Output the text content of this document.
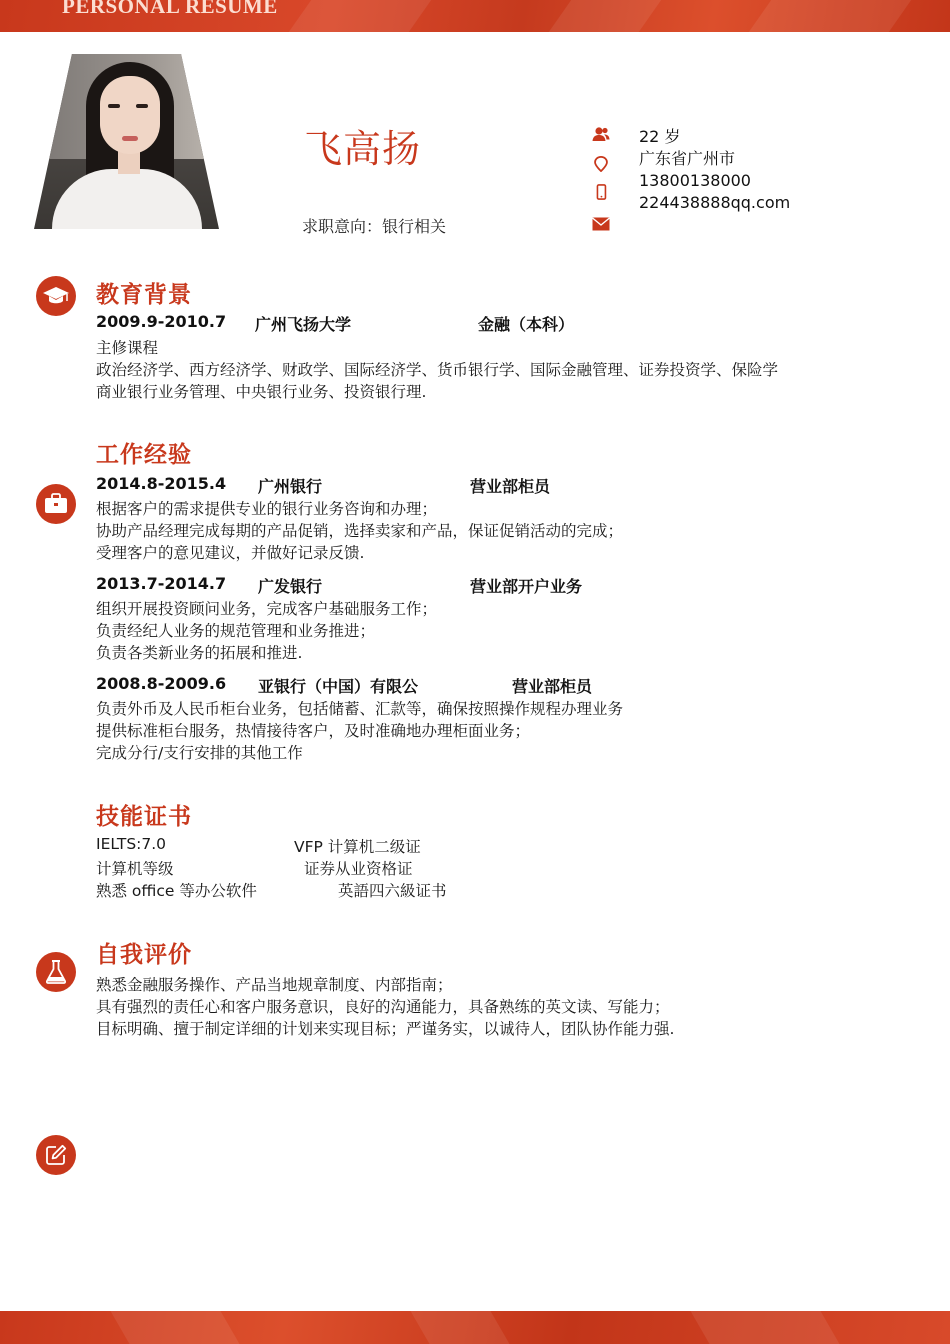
PERSONAL RESUME
飞高扬
求职意向：银行相关
22 岁
广东省广州市
13800138000
224438888qq.com
教育背景
2009.9-2010.7 广州飞扬大学	金融（本科）
主修课程
政治经济学、西方经济学、财政学、国际经济学、货币银行学、国际金融管理、证券投资学、保险学
商业银行业务管理、中央银行业务、投资银行理.
工作经验
2014.8-2015.4 广州银行	营业部柜员
根据客户的需求提供专业的银行业务咨询和办理；
协助产品经理完成每期的产品促销，选择卖家和产品，保证促销活动的完成；
受理客户的意见建议，并做好记录反馈.
2013.7-2014.7 广发银行	营业部开户业务
组织开展投资顾问业务，完成客户基础服务工作；
负责经纪人业务的规范管理和业务推进；
负责各类新业务的拓展和推进.
2008.8-2009.6 亚银行（中国）有限公	营业部柜员
负责外币及人民币柜台业务，包括储蓄、汇款等，确保按照操作规程办理业务
提供标准柜台服务，热情接待客户，及时准确地办理柜面业务；
完成分行/支行安排的其他工作
技能证书
IELTS:7.0	VFP 计算机二级证
计算机等级	证券从业资格证
熟悉 office 等办公软件	英語四六級证书
自我评价
熟悉金融服务操作、产品当地规章制度、内部指南；
具有强烈的责任心和客户服务意识，良好的沟通能力，具备熟练的英文读、写能力；
目标明确、擅于制定详细的计划来实现目标；严谨务实，以诚待人，团队协作能力强.
